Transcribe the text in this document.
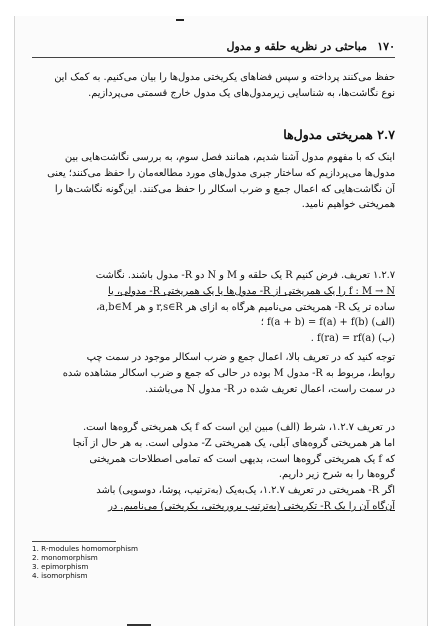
۱۷۰
مباحثی در نظریه حلقه و مدول
حفظ می‌کنند پرداخته و سپس فضاهای یکریختی مدول‌ها را بیان می‌کنیم. به کمک این
نوع نگاشت‌ها، به شناسایی زیرمدول‌های یک مدول خارج قسمتی می‌پردازیم.
۲.۷ همریختی مدول‌ها
اینک که با مفهوم مدول آشنا شدیم، همانند فصل سوم، به بررسی نگاشت‌هایی بین
مدول‌ها می‌پردازیم که ساختار جبری مدول‌های مورد مطالعه‌مان را حفظ می‌کنند؛ یعنی
آن نگاشت‌هایی که اعمال جمع و ضرب اسکالر را حفظ می‌کنند. این‌گونه نگاشت‌ها را
همریختی خواهیم نامید.
۱.۲.۷ تعریف. فرض کنیم R یک حلقه و M و N دو R- مدول باشند. نگاشت
f : M → N را یک همریختی از R- مدول‌ها یا یک همریختی R- مدولی، یا
ساده تر یک R- همریختی می‌نامیم هرگاه به ازای هر r,s∈R و هر a,b∈M،
(الف) f(a + b) = f(a) + f(b) ؛
(ب) f(ra) = rf(a) .
توجه کنید که در تعریف بالا، اعمال جمع و ضرب اسکالر موجود در سمت چپ
روابط، مربوط به R- مدول M بوده در حالی که جمع و ضرب اسکالر مشاهده شده
در سمت راست، اعمال تعریف شده در R- مدول N می‌باشند.
در تعریف ۱.۲.۷، شرط (الف) مبین این است که f یک همریختی گروه‌ها است.
اما هر همریختی گروه‌های آبلی، یک همریختی Z- مدولی است. به هر حال از آنجا
که f یک همریختی گروه‌ها است، بدیهی است که تمامی اصطلاحات همریختی
گروه‌ها را به شرح زیر داریم.
اگر R- همریختی در تعریف ۱.۲.۷، یک‌به‌یک (به‌ترتیب، پوشا، دوسویی) باشد
آن‌گاه آن را یک R- تکریختی (به‌ترتیب بروریختی، یکریختی) می‌نامیم. در
1. R-modules homomorphism
2. monomorphism
3. epimorphism
4. isomorphism
